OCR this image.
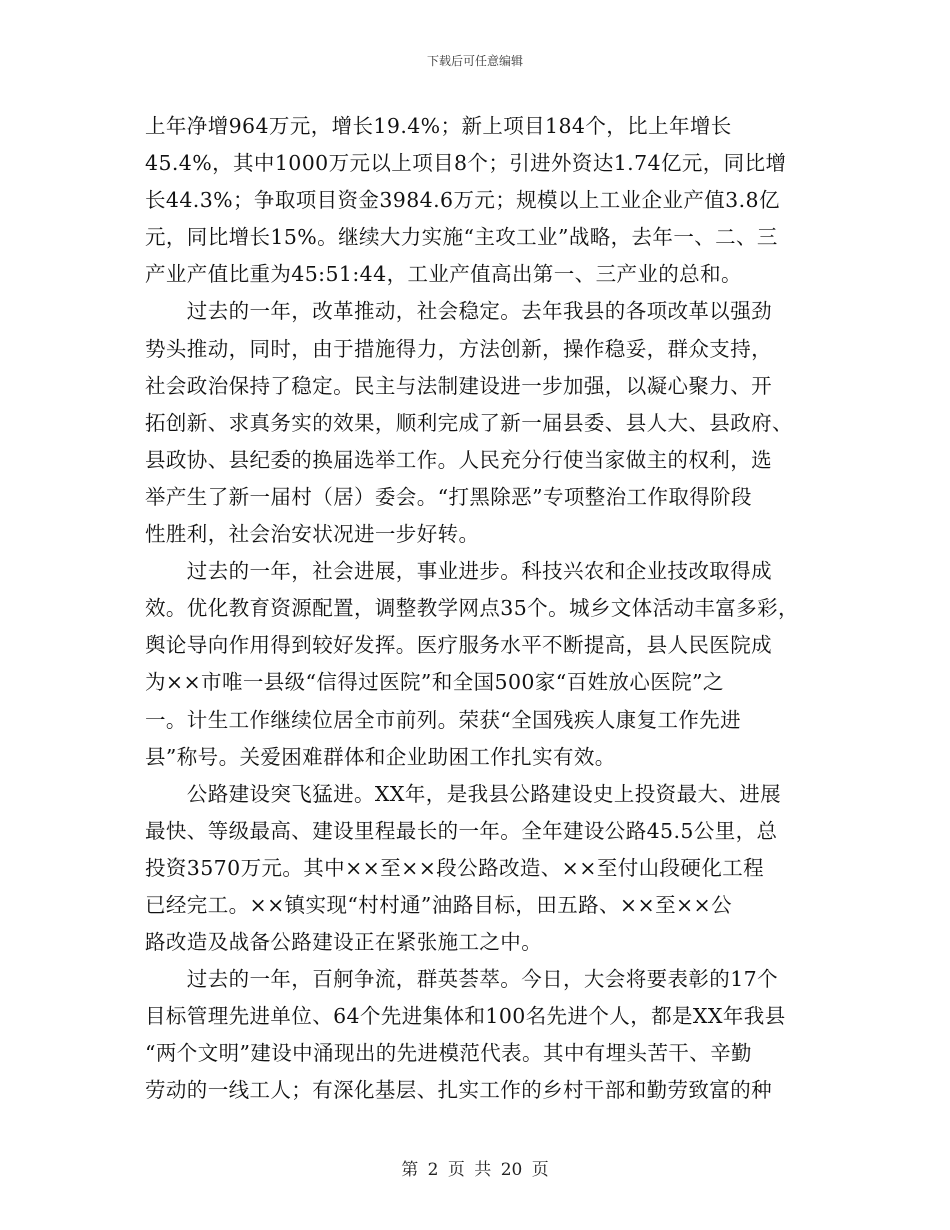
下载后可任意编辑
上年净增964万元，增长19.4%；新上项目184个，比上年增长
45.4%，其中1000万元以上项目8个；引进外资达1.74亿元，同比增
长44.3%；争取项目资金3984.6万元；规模以上工业企业产值3.8亿
元，同比增长15%。继续大力实施“主攻工业”战略，去年一、二、三
产业产值比重为45:51:44，工业产值高出第一、三产业的总和。
　　过去的一年，改革推动，社会稳定。去年我县的各项改革以强劲
势头推动，同时，由于措施得力，方法创新，操作稳妥，群众支持，
社会政治保持了稳定。民主与法制建设进一步加强，以凝心聚力、开
拓创新、求真务实的效果，顺利完成了新一届县委、县人大、县政府、
县政协、县纪委的换届选举工作。人民充分行使当家做主的权利，选
举产生了新一届村（居）委会。“打黑除恶”专项整治工作取得阶段
性胜利，社会治安状况进一步好转。
　　过去的一年，社会进展，事业进步。科技兴农和企业技改取得成
效。优化教育资源配置，调整教学网点35个。城乡文体活动丰富多彩，
舆论导向作用得到较好发挥。医疗服务水平不断提高，县人民医院成
为××市唯一县级“信得过医院”和全国500家“百姓放心医院”之
一。计生工作继续位居全市前列。荣获“全国残疾人康复工作先进
县”称号。关爱困难群体和企业助困工作扎实有效。
　　公路建设突飞猛进。XX年，是我县公路建设史上投资最大、进展
最快、等级最高、建设里程最长的一年。全年建设公路45.5公里，总
投资3570万元。其中××至××段公路改造、××至付山段硬化工程
已经完工。××镇实现“村村通”油路目标，田五路、××至××公
路改造及战备公路建设正在紧张施工之中。
　　过去的一年，百舸争流，群英荟萃。今日，大会将要表彰的17个
目标管理先进单位、64个先进集体和100名先进个人，都是XX年我县
“两个文明”建设中涌现出的先进模范代表。其中有埋头苦干、辛勤
劳动的一线工人；有深化基层、扎实工作的乡村干部和勤劳致富的种
第 2 页 共 20 页
